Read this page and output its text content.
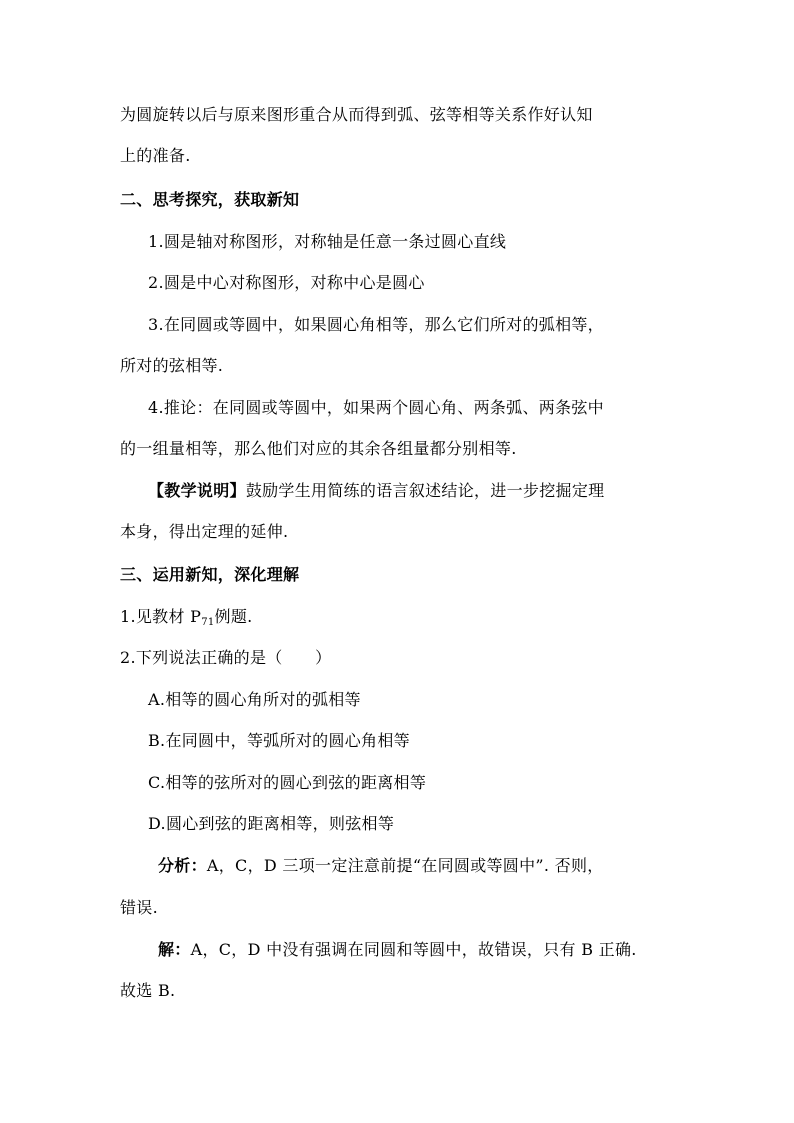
为圆旋转以后与原来图形重合从而得到弧、弦等相等关系作好认知
上的准备.
二、思考探究，获取新知
1.圆是轴对称图形，对称轴是任意一条过圆心直线
2.圆是中心对称图形，对称中心是圆心
3.在同圆或等圆中，如果圆心角相等，那么它们所对的弧相等，
所对的弦相等.
4.推论：在同圆或等圆中，如果两个圆心角、两条弧、两条弦中
的一组量相等，那么他们对应的其余各组量都分别相等.
【教学说明】鼓励学生用简练的语言叙述结论，进一步挖掘定理
本身，得出定理的延伸.
三、运用新知，深化理解
1.见教材 $P_{71}$例题.
2.下列说法正确的是（　　）
A.相等的圆心角所对的弧相等
B.在同圆中，等弧所对的圆心角相等
C.相等的弦所对的圆心到弦的距离相等
D.圆心到弦的距离相等，则弦相等
分析：A，C，D 三项一定注意前提“在同圆或等圆中”. 否则，
错误.
解：A，C，D 中没有强调在同圆和等圆中，故错误，只有 B 正确.
故选 B.
